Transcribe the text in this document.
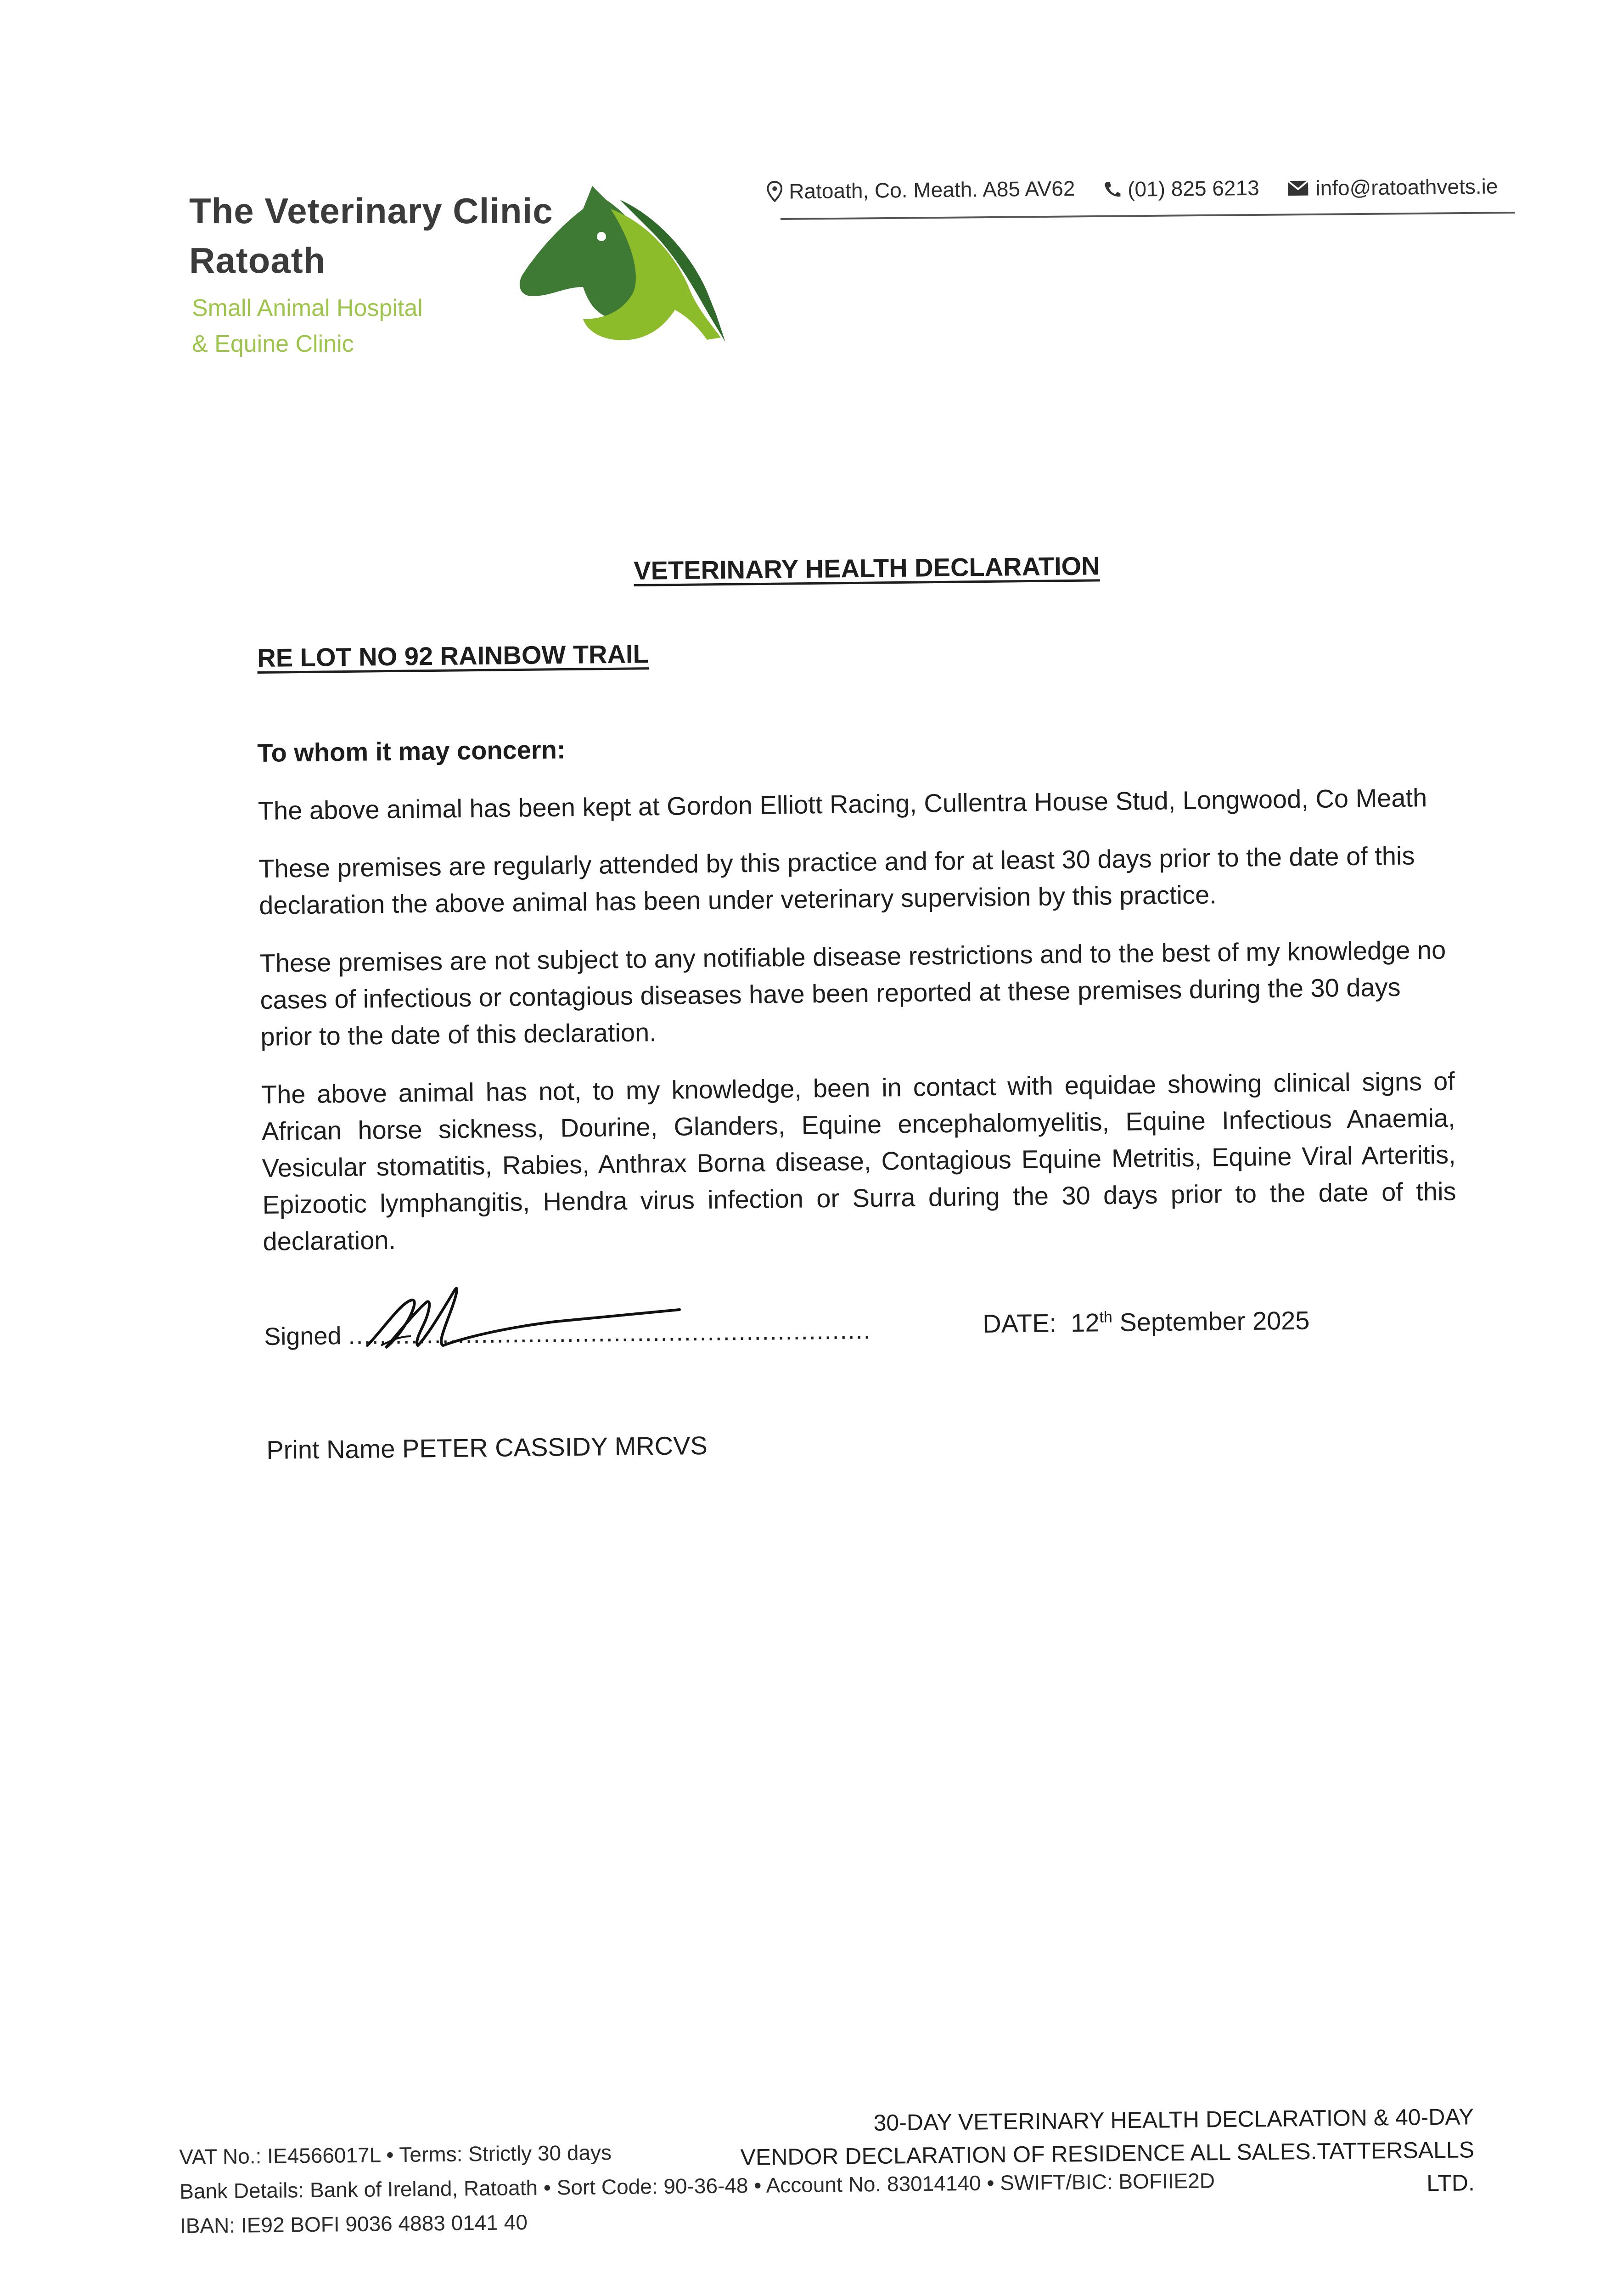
The Veterinary Clinic
Ratoath
Small Animal Hospital
& Equine Clinic
Ratoath, Co. Meath. A85 AV62
(01) 825 6213
	info@ratoathvets.ie
VETERINARY HEALTH DECLARATION
RE LOT NO 92 RAINBOW TRAIL

To whom it may concern:

The above animal has been kept at Gordon Elliott Racing, Cullentra House Stud, Longwood, Co Meath

These premises are regularly attended by this practice and for at least 30 days prior to the date of this declaration the above animal has been under veterinary supervision by this practice.

These premises are not subject to any notifiable disease restrictions and to the best of my knowledge no cases of infectious or contagious diseases have been reported at these premises during the 30 days prior to the date of this declaration.

The above animal has not, to my knowledge, been in contact with equidae showing clinical signs of African horse sickness, Dourine, Glanders, Equine encephalomyelitis, Equine Infectious Anaemia, Vesicular stomatitis, Rabies, Anthrax Borna disease, Contagious Equine Metritis, Equine Viral Arteritis, Epizootic lymphangitis, Hendra virus infection or Surra during the 30 days prior to the date of this declaration.

Signed ...................................................................	DATE: 12th September 2025
Print Name PETER CASSIDY MRCVS
VAT No.: IE4566017L • Terms: Strictly 30 days
Bank Details: Bank of Ireland, Ratoath • Sort Code: 90-36-48 • Account No. 83014140 • SWIFT/BIC: BOFIIE2D
IBAN: IE92 BOFI 9036 4883 0141 40
30-DAY VETERINARY HEALTH DECLARATION & 40-DAY
VENDOR DECLARATION OF RESIDENCE ALL SALES.TATTERSALLS LTD.
